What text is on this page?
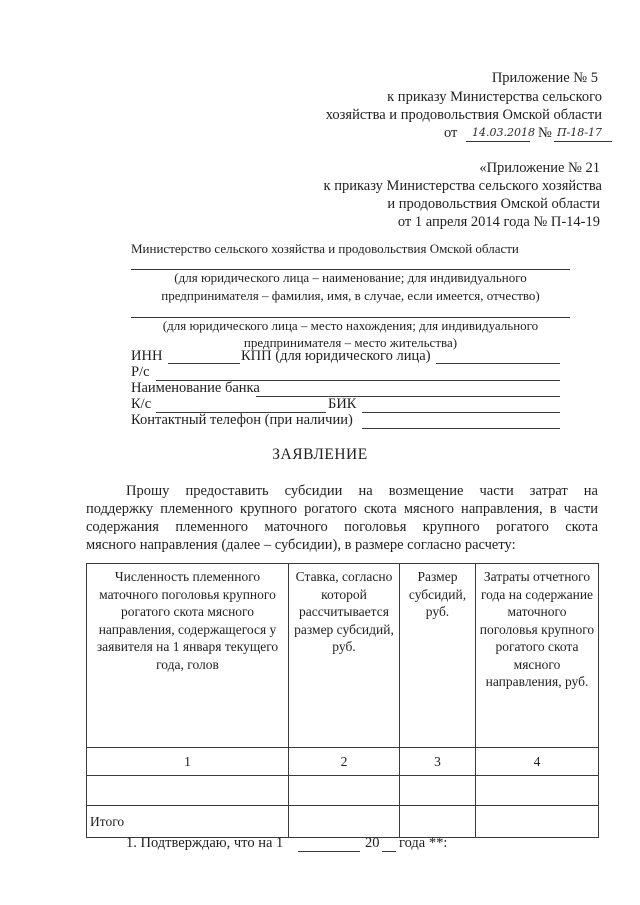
Приложение № 5
к приказу Министерства сельского
хозяйства и продовольствия Омской области
от 14.03.2018 № П-18-17
«Приложение № 21
к приказу Министерства сельского хозяйства
и продовольствия Омской области
от 1 апреля 2014 года № П-14-19
Министерство сельского хозяйства и продовольствия Омской области
(для юридического лица – наименование; для индивидуального
предпринимателя – фамилия, имя, в случае, если имеется, отчество)
(для юридического лица – место нахождения; для индивидуального
предпринимателя – место жительства)
ИНН	КПП (для юридического лица)
Р/с
Наименование банка
К/с	БИК
Контактный телефон (при наличии)
ЗАЯВЛЕНИЕ
Прошу предоставить субсидии на возмещение части затрат на
поддержку племенного крупного рогатого скота мясного направления, в части
содержания племенного маточного поголовья крупного рогатого скота
мясного направления (далее – субсидии), в размере согласно расчету:
Численность племенного маточного поголовья крупного рогатого скота мясного направления, содержащегося у заявителя на 1 января текущего года, голов	Ставка, согласно которой рассчитывается размер субсидий, руб.	Размер субсидий, руб.	Затраты отчетного года на содержание маточного поголовья крупного рогатого скота мясного направления, руб.
1	2	3	4

Итого			
1. Подтверждаю, что на 1	20 года **:
